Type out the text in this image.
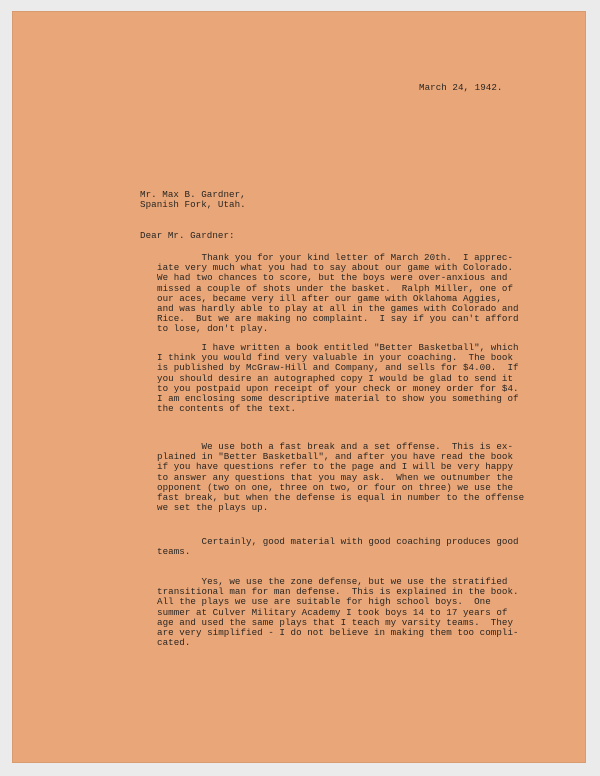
March 24, 1942.
Mr. Max B. Gardner,
Spanish Fork, Utah.
Dear Mr. Gardner:
Thank you for your kind letter of March 20th.  I apprec-
iate very much what you had to say about our game with Colorado.
We had two chances to score, but the boys were over-anxious and
missed a couple of shots under the basket.  Ralph Miller, one of
our aces, became very ill after our game with Oklahoma Aggies,
and was hardly able to play at all in the games with Colorado and
Rice.  But we are making no complaint.  I say if you can't afford
to lose, don't play.
I have written a book entitled "Better Basketball", which
I think you would find very valuable in your coaching.  The book
is published by McGraw-Hill and Company, and sells for $4.00.  If
you should desire an autographed copy I would be glad to send it
to you postpaid upon receipt of your check or money order for $4.
I am enclosing some descriptive material to show you something of
the contents of the text.
We use both a fast break and a set offense.  This is ex-
plained in "Better Basketball", and after you have read the book
if you have questions refer to the page and I will be very happy
to answer any questions that you may ask.  When we outnumber the
opponent (two on one, three on two, or four on three) we use the
fast break, but when the defense is equal in number to the offense
we set the plays up.
Certainly, good material with good coaching produces good
teams.
Yes, we use the zone defense, but we use the stratified
transitional man for man defense.  This is explained in the book.
All the plays we use are suitable for high school boys.  One
summer at Culver Military Academy I took boys 14 to 17 years of
age and used the same plays that I teach my varsity teams.  They
are very simplified - I do not believe in making them too compli-
cated.
